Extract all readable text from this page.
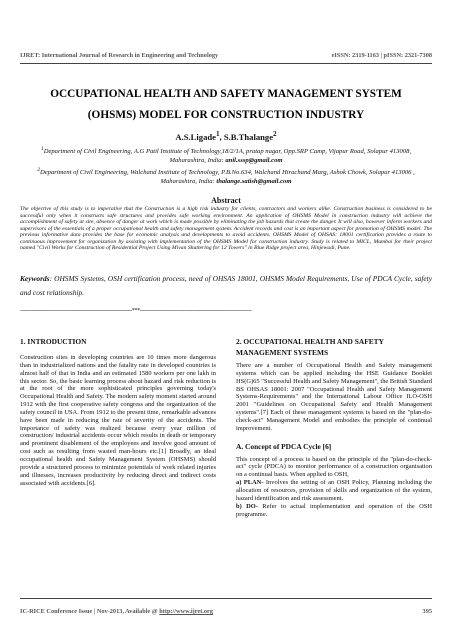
IJRET: International Journal of Research in Engineering and Technology	eISSN: 2319-1163 | pISSN: 2321-7308
OCCUPATIONAL HEALTH AND SAFETY MANAGEMENT SYSTEM
(OHSMS) MODEL FOR CONSTRUCTION INDUSTRY
A.S.Ligade$^1$, S.B.Thalange$^2$
$^1$Department of Civil Engineering, A.G Patil Institute of Technology,18/2/1A, pratap nagar, Opp.SRP Camp, Vijapur Road, Solapur 413008, Maharashtra, India: anil.sssp@gmail.com
$^2$Department of Civil Engineering, Walchand Institute of Technology, P.B.No.634, Walchand Hirachand Marg, Ashok Chowk, Solapur 413006 , Maharashtra, India: thalange.satish@gmail.com
Abstract
The objective of this study is to imperative that the Construction is a high risk industry for clients, contractors and workers alike. Construction business is considered to be successful only when it constructs safe structures and provides safe working environment. An application of OHSMS Model in construction industry will achieve the accomplishment of safety at site, absence of danger at work which is made possible by eliminating the job hazards that create the danger. It will also, however inform workers and supervisors of the essentials of a proper occupational health and safety management system. Accident records and cost is an important aspect for promotion of OHSMS model. The previous informative data provides the base for economic analysis and developments to avoid accidents. OHSMS Model of OHSAS: 18001 certification provides a route to continuous improvement for organization by assisting with implementation of the OHSMS Model for construction industry. Study is related to MICL, Mumbai for their project named "Civil Works for Construction of Residential Project Using Mivan Shuttering for 12 Towers" in Blue Ridge project area, Hinjewadi, Pune.
Keywords: OHSMS Systems, OSH certification process, need of OHSAS 18001, OHSMS Model Requirements, Use of PDCA Cycle, safety and cost relationship.
----------------------------------------------------------------------***----------------------------------------------------------------------
1. INTRODUCTION

Construction sites in developing countries are 10 times more dangerous than in industrialized nations and the fatality rate in developed countries is almost half of that in India and an estimated 1580 workers per one lakh in this sector. So, the basic learning process about hazard and risk reduction is at the root of the more sophisticated principles governing today's Occupational Health and Safety. The modern safety moment started around 1912 with the first cooperative safety congress and the organization of the safety council in USA. From 1912 to the present time, remarkable advances have been made in reducing the rate of severity of the accidents. The importance of safety was realized because every year million of construction/ industrial accidents occur which results in death or temporary and prominent disablement of the employees and involve good amount of cost such as resulting from wasted man-hours etc.[1] Broadly, an ideal occupational health and Safety Management System (OHSMS) should provide a structured process to minimize potentials of work related injuries and illnesses, increases productivity by reducing direct and indirect costs associated with accidents.[6].

2. OCCUPATIONAL HEALTH AND SAFETY MANAGEMENT SYSTEMS

There are a number of Occupational Health and Safety management systems which can be applied including the HSE Guidance Booklet HS(G)65 "Successful Health and Safety Management", the British Standard BS OHSAS 18001: 2007 "Occupational Health and Safety Management Systems-Requirements" and the International Labour Office ILO-OSH 2001 "Guidelines on Occupational Safety and Health Management systems".[7] Each of these management systems is based on the "plan-do-check-act" Management Model and embodies the principle of continual improvement.

A. Concept of PDCA Cycle [6]

This concept of a process is based on the principle of the "plan-do-check-act" cycle (PDCA) to monitor performance of a construction organisation on a continual basis. When applied to OSH,

a) PLAN- Involves the setting of an OSH Policy, Planning including the allocation of resources, provision of skills and organization of the system, hazard identification and risk assessment.

b) DO- Refer to actual implementation and operation of the OSH programme.

IC-RICE Conference Issue | Nov-2013, Available @ http://www.ijret.org	395
